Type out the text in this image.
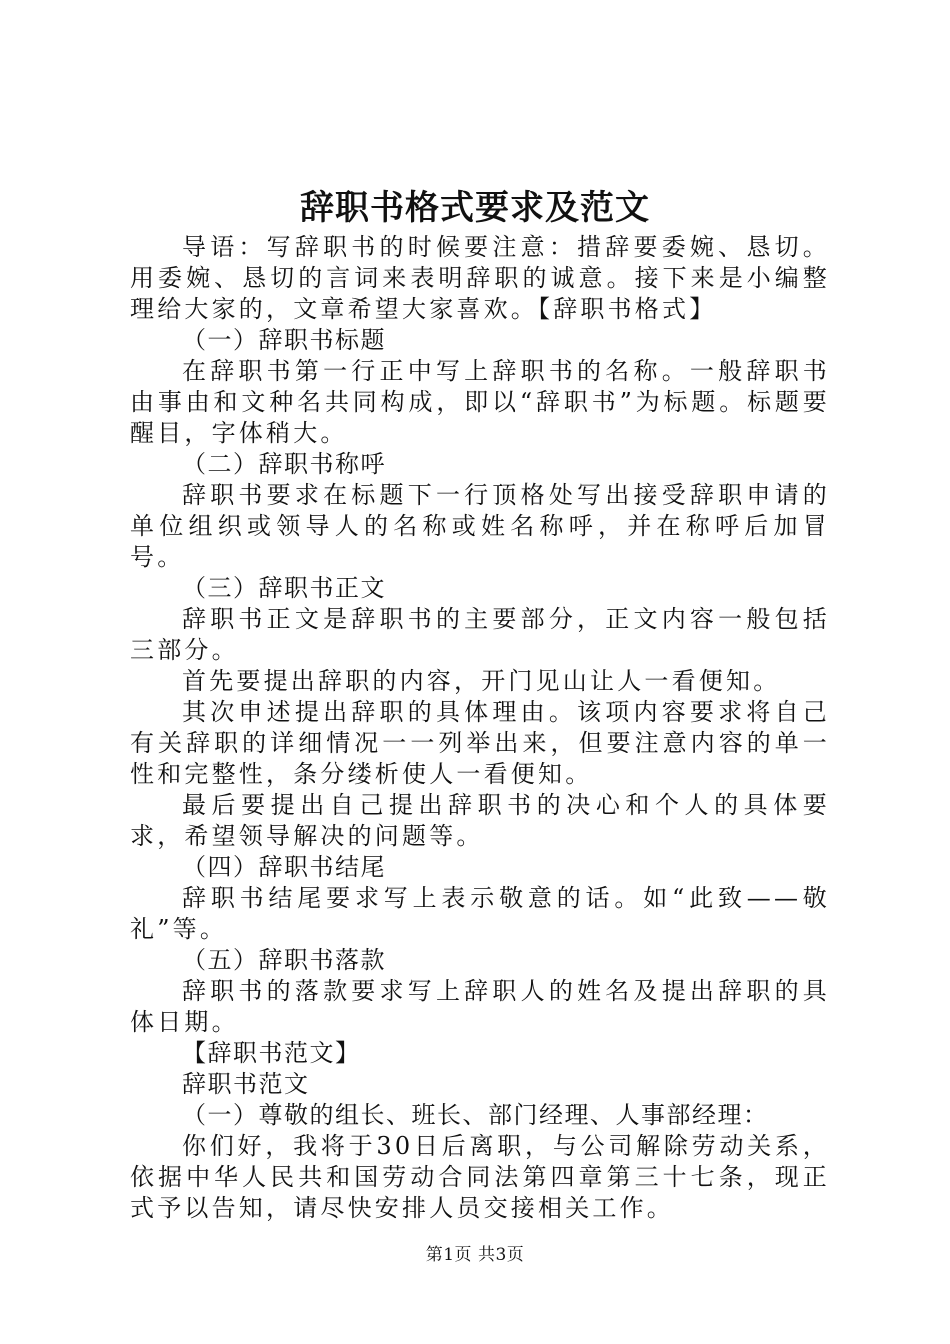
辞职书格式要求及范文

导语：写辞职书的时候要注意：措辞要委婉、恳切。用委婉、恳切的言词来表明辞职的诚意。接下来是小编整理给大家的，文章希望大家喜欢。【辞职书格式】

（一）辞职书标题

在辞职书第一行正中写上辞职书的名称。一般辞职书由事由和文种名共同构成，即以“辞职书”为标题。标题要醒目，字体稍大。

（二）辞职书称呼

辞职书要求在标题下一行顶格处写出接受辞职申请的单位组织或领导人的名称或姓名称呼，并在称呼后加冒号。

（三）辞职书正文

辞职书正文是辞职书的主要部分，正文内容一般包括三部分。

首先要提出辞职的内容，开门见山让人一看便知。

其次申述提出辞职的具体理由。该项内容要求将自己有关辞职的详细情况一一列举出来，但要注意内容的单一性和完整性，条分缕析使人一看便知。

最后要提出自己提出辞职书的决心和个人的具体要求，希望领导解决的问题等。

（四）辞职书结尾

辞职书结尾要求写上表示敬意的话。如“此致——敬礼”等。

（五）辞职书落款

辞职书的落款要求写上辞职人的姓名及提出辞职的具体日期。

【辞职书范文】

辞职书范文

（一）尊敬的组长、班长、部门经理、人事部经理：

你们好，我将于30日后离职，与公司解除劳动关系，依据中华人民共和国劳动合同法第四章第三十七条，现正式予以告知，请尽快安排人员交接相关工作。

第1页 共3页
